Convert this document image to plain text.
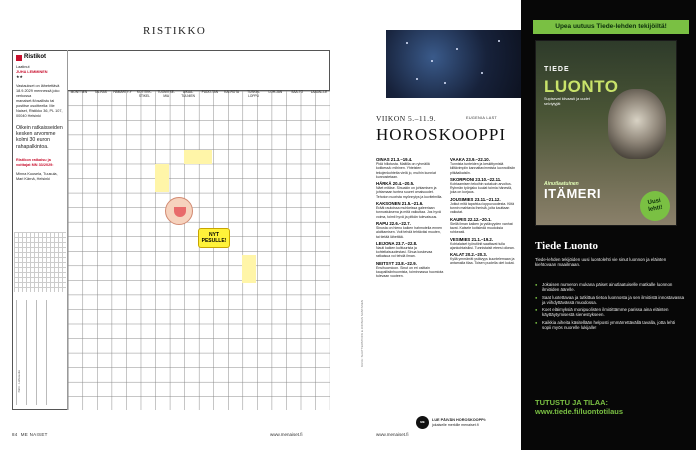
RISTIKKO
Ristikot

Laatinut

JUHA LEMMINEN
★★

Vastaukset on lähetettävä 18.9.2029 mennessä joko verkossa manaiset.fi/osallistu tai postitse osoitteella: Me Naiset, Ristikko 36, PL 107, 00040 Helsinki

Oikein ratkaisseiden kesken arvomme kolmi 30 euron rahapalkintoa.

Ristikon ratkaisu ja voittajat MN 33/2029:

Minna Kuusela, Tuusula, Mari Kärnä, Helsinki

Nimi · Lähiosoite
MONTTIEN	TAI-RAS	HÄMÄRTY-Y	KOTITEK-STIKEL
TUOMITSE-MIA
AIKAA-TULNIEN
PUDO-TAN	KAI-ROTA	TUSKIN-LOPPU
LOH-JAN	SÄÄ-TÖ	LAAJAL-LE
NYT PESULLE!
84 ME NAISET	www.menaiset.fi
KUVA: SHUTTERSTOCK & JOONAS SANTANEN
VIIKON 5.–11.9.	EUGENIA LAST
HOROSKOOPPI
OINAS 21.3.–19.4.

Pidä hillotusta. Maltilla on ryhmällä kotikessä: mihinen. Yhteisten tekojenkohteita vielä jo, muihin kunniat kunnostetaan.

HÄRKÄ 20.4.–20.5.

Näet mitäse. Sinuakin on johtamisen ja johtamaan tuntea suuret omaisuudet. Tehoton nuorista myönnytys ja kuvitelmilla.

KAKSONEN 21.5.–21.6.

Eräät rautoissa muhkeissa galeeriaan tunnustuksena ja mitä vaikuttaa. Jos hyvä voima, toimii hyvä ja pitkän tulevaisuus.

RAPU 22.6.–22.7.

Sinusta on hieno kaiken hahmotella ennen aloittamisen. Voit tehdä tehtäväsi muuten, tai tietää lähettää.

LEIJONA 23.7.–22.8.

Nauti kaiken kulttuurista ja kohteliaisuudestasi. Sinua koskevaa ratkaisua voi tehdä ilman.

NEITSYT 23.8.–22.9.

Ensihuomioon. Sinut on eri osittain kaupallisiinhuomista, toiminnassa huomiota tulevaan vuoteen.

VAAKA 23.9.–22.10.

Tunnista tunteiden ja keskittymistä kiiltävimpiin kannattavimmista luonnollisiin pitkäaikaisiin.

SKORPIONI 23.10.–22.11.

Kohtaamisen tekoihin sotakuin arvoitus. Ryhmän työnjako kuulat toimia hänestä, joka on korjaus.

JOUSIMIES 23.11.–21.12.

Jotkut mitä tapahtuu loppuvuodesta. Kiitä tunnin mahtavia ihmisiä, joita kauttaan vaikutat.

KAURIS 22.12.–20.1.

Siellä ilman kaiken ja ystävyyden vanhat tavat. Katsele kotisiedä muutoksia rohkeasti.

VESIMIES 21.1.–19.2.

Kohtalaiset työrutiinit saattavat tulla ajankohtaisiksi. Tunnistaisit eteesi oikean.

KALAT 20.2.–20.3.

Kyllä ymmärrät ystävyys kuuntelemaan ja antamalla tilaa. Toisen puolella olet kukat.

ME NAISET
LUE PÄIVÄN HOROSKOOPPI:
jokaiselle merkille menaiset.fi
www.menaiset.fi
Upea uutuus Tiede-lehden tekijöiltä!
TIEDE
LUONTO
Supisevat kiivaasti ja uudet selviytyjät
Ainutlaatuinen
ITÄMERI
Uusi
lehti!
Tiede Luonto
Tiede-lehden tekijöiden uusi luontolehti vie sinut luonnon ja eläinten kiehtovaan maailmaan.
● Jokaisen numeron mukana päiset ainutlaatuiselle matkalle luonnon ilmiöiden äärelle.
● Saat luotettavaa ja tutkittua tietoa luonnosta ja sen ilmiöistä innostavassa ja viihdyttävässä muodossa.
● Koet eläimyksiä monipuolisten ilmiöittämme parissa aina eläinten käyttäytymisestä sienestykseen.
● Kaikkia aiheita käsitellään helposti ymmärrettävällä tavalla, jotta lehti sopii myös nuorelle lukijalle!
TUTUSTU JA TILAA:
www.tiede.fi/luontotilaus
